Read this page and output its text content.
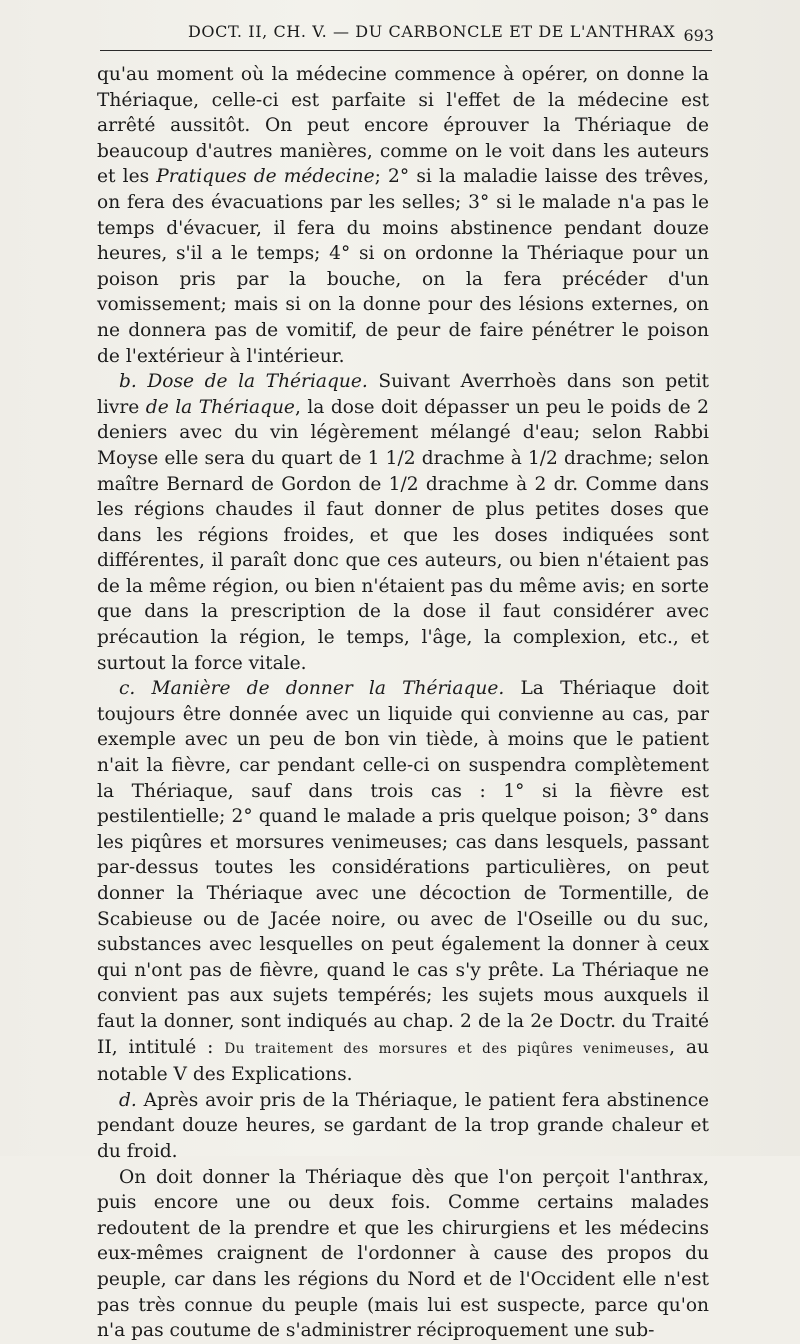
DOCT. II, CH. V. — DU CARBONCLE ET DE L'ANTHRAX 693

qu'au moment où la médecine commence à opérer, on donne la Thériaque, celle-ci est parfaite si l'effet de la médecine est arrêté aussitôt. On peut encore éprouver la Thériaque de beaucoup d'autres manières, comme on le voit dans les auteurs et les Pratiques de médecine; 2° si la maladie laisse des trêves, on fera des évacuations par les selles; 3° si le malade n'a pas le temps d'évacuer, il fera du moins abstinence pendant douze heures, s'il a le temps; 4° si on ordonne la Thériaque pour un poison pris par la bouche, on la fera précéder d'un vomissement; mais si on la donne pour des lésions externes, on ne donnera pas de vomitif, de peur de faire pénétrer le poison de l'extérieur à l'intérieur.

b. Dose de la Thériaque. Suivant Averrhoès dans son petit livre de la Thériaque, la dose doit dépasser un peu le poids de 2 deniers avec du vin légèrement mélangé d'eau; selon Rabbi Moyse elle sera du quart de 1 1/2 drachme à 1/2 drachme; selon maître Bernard de Gordon de 1/2 drachme à 2 dr. Comme dans les régions chaudes il faut donner de plus petites doses que dans les régions froides, et que les doses indiquées sont différentes, il paraît donc que ces auteurs, ou bien n'étaient pas de la même région, ou bien n'étaient pas du même avis; en sorte que dans la prescription de la dose il faut considérer avec précaution la région, le temps, l'âge, la complexion, etc., et surtout la force vitale.

c. Manière de donner la Thériaque. La Thériaque doit toujours être donnée avec un liquide qui convienne au cas, par exemple avec un peu de bon vin tiède, à moins que le patient n'ait la fièvre, car pendant celle-ci on suspendra complètement la Thériaque, sauf dans trois cas : 1° si la fièvre est pestilentielle; 2° quand le malade a pris quelque poison; 3° dans les piqûres et morsures venimeuses; cas dans lesquels, passant par-dessus toutes les considérations particulières, on peut donner la Thériaque avec une décoction de Tormentille, de Scabieuse ou de Jacée noire, ou avec de l'Oseille ou du suc, substances avec lesquelles on peut également la donner à ceux qui n'ont pas de fièvre, quand le cas s'y prête. La Thériaque ne convient pas aux sujets tempérés; les sujets mous auxquels il faut la donner, sont indiqués au chap. 2 de la 2e Doctr. du Traité II, intitulé : Du traitement des morsures et des piqûres venimeuses, au notable V des Explications.

d. Après avoir pris de la Thériaque, le patient fera abstinence pendant douze heures, se gardant de la trop grande chaleur et du froid.

On doit donner la Thériaque dès que l'on perçoit l'anthrax, puis encore une ou deux fois. Comme certains malades redoutent de la prendre et que les chirurgiens et les médecins eux-mêmes craignent de l'ordonner à cause des propos du peuple, car dans les régions du Nord et de l'Occident elle n'est pas très connue du peuple (mais lui est suspecte, parce qu'on n'a pas coutume de s'administrer réciproquement une sub-
